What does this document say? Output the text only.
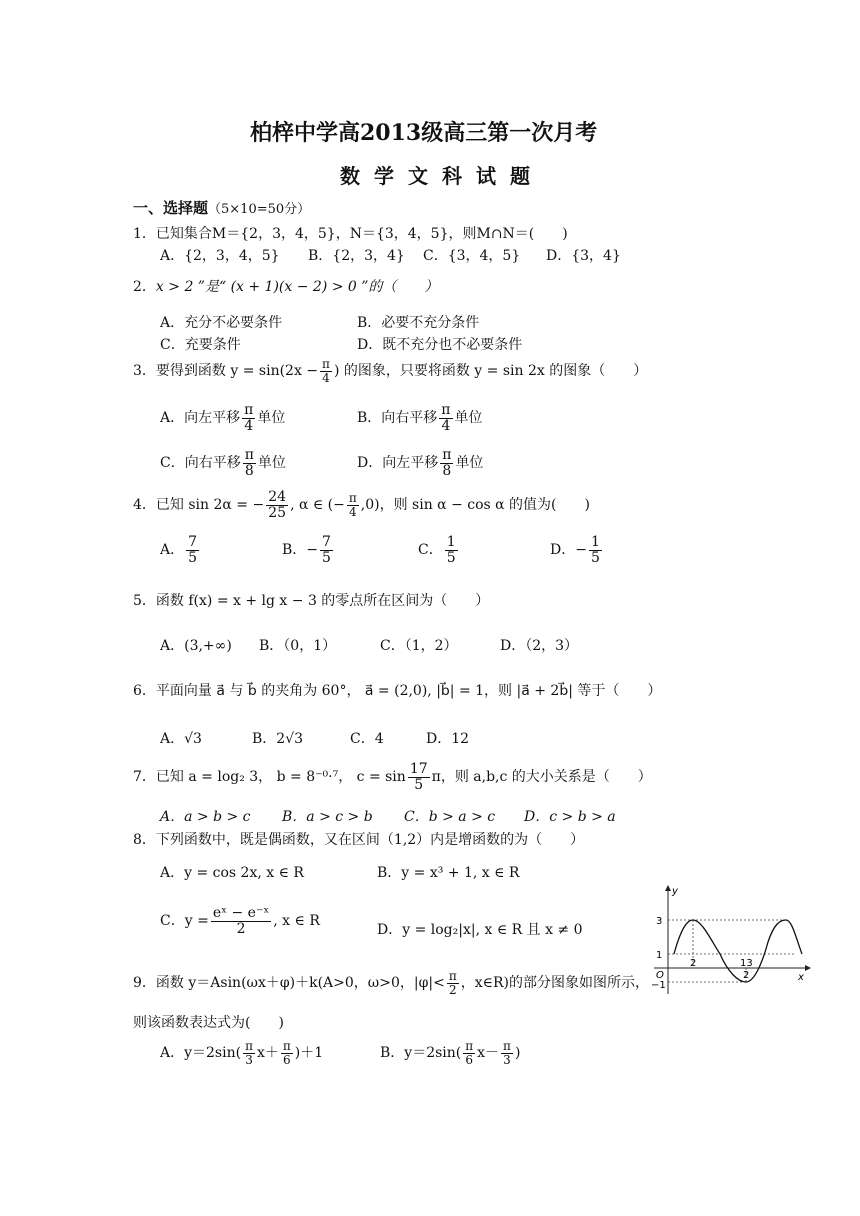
柏梓中学高2013级高三第一次月考
数学文科试题
一、选择题（5×10=50分）
1．已知集合M＝{2，3，4，5}，N＝{3，4，5}，则M∩N＝(　　)
A．{2，3，4，5} B．{2，3，4} C．{3，4，5} D．{3，4}
2．x > 2 ”是“ (x + 1)(x − 2) > 0 ”的（　　）
A．充分不必要条件	B．必要不充分条件
C．充要条件	D．既不充分也不必要条件
3．要得到函数 $y = \sin(2x - \frac{\pi}{4}$ ) 的图象，只要将函数 y = sin 2x 的图象（　　）
A．向左平移 $\frac{\pi}{4}$ 单位	B．向右平移 $\frac{\pi}{4}$ 单位
C．向右平移 $\frac{\pi}{8}$ 单位	D．向左平移 $\frac{\pi}{8}$ 单位
4．已知 sin 2α = − $\frac{24}{25}$ , α ∈ (− $\frac{\pi}{4} ,0$)，则 sin α − cos α 的值为(　　)
A． $\frac{7}{5}$	B．− $\frac{7}{5}$	C． $\frac{1}{5}$	D．− $\frac{1}{5}$
5．函数 f(x) = x + lg x − 3 的零点所在区间为（　　）
A．(3,+∞) B．（0，1）	C．（1，2）	D．（2，3）
6．平面向量 a⃗ 与 b⃗ 的夹角为 60°， a⃗ = (2,0), |b⃗| = 1，则 |a⃗ + 2b⃗| 等于（　　）
A．√3	B．2√3	C．4	D．12
7．已知 a = log₂ 3， b = 8⁻⁰·⁷， $c = \sin \frac{17}{5}$ π，则 a,b,c 的大小关系是（　　）
A．a > b > c B．a > c > b C．b > a > c D．c > b > a
8．下列函数中，既是偶函数，又在区间（1,2）内是增函数的为（　　）
A．y = cos 2x, x ∈ R	B．y = x³ + 1, x ∈ R
C．$y = \frac{\text{eˣ − e⁻ˣ}}{2}$ , x ∈ R
D．y = log₂|x|, x ∈ R 且 x ≠ 0
9．函数 y＝Asin(ωx＋φ)＋k(A>0，ω>0，$|\varphi|< \frac{\pi}{2}$ ，x∈R)的部分图象如图所示，
则该函数表达式为(　　)
A．$y=2\sin( \frac{\pi}{3} x+ \frac{\pi}{6} )+1$	B．$y=2\sin( \frac{\pi}{6} x- \frac{\pi}{3}$ )
y
x
O
3
1
−1
2	13
2
